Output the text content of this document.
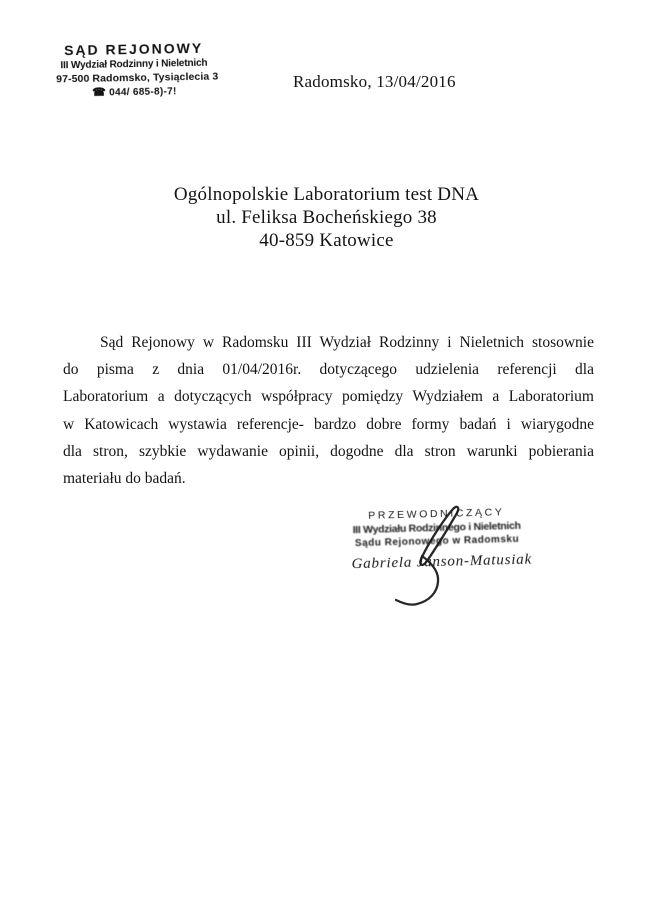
SĄD REJONOWY
III Wydział Rodzinny i Nieletnich
97-500 Radomsko, Tysiąclecia 3
☎ 044/ 685-8)-7!
Radomsko, 13/04/2016
Ogólnopolskie Laboratorium test DNA
ul. Feliksa Bocheńskiego 38
40-859 Katowice
Sąd Rejonowy w Radomsku III Wydział Rodzinny i Nieletnich stosownie
do pisma z dnia 01/04/2016r. dotyczącego udzielenia referencji dla
Laboratorium a dotyczących współpracy pomiędzy Wydziałem a Laboratorium
w Katowicach wystawia referencje- bardzo dobre formy badań i wiarygodne
dla stron, szybkie wydawanie opinii, dogodne dla stron warunki pobierania
materiału do badań.
PRZEWODNICZĄCY
III Wydziału Rodzinnego i Nieletnich
Sądu Rejonowego w Radomsku
Gabriela Janson-Matusiak
